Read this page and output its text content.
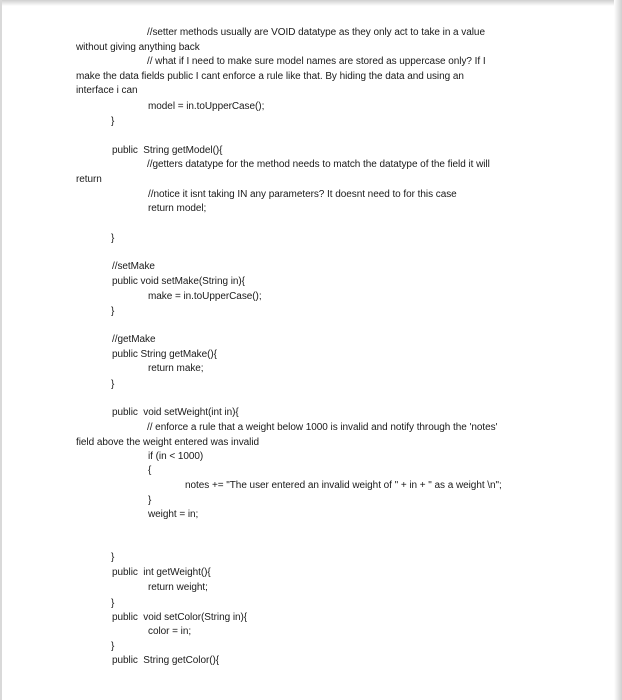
//setter methods usually are VOID datatype as they only act to take in a value
without giving anything back
// what if I need to make sure model names are stored as uppercase only? If I
make the data fields public I cant enforce a rule like that. By hiding the data and using an
interface i can
model = in.toUpperCase();
}
public  String getModel(){
//getters datatype for the method needs to match the datatype of the field it will
return
//notice it isnt taking IN any parameters? It doesnt need to for this case
return model;
}
//setMake
public void setMake(String in){
make = in.toUpperCase();
}
//getMake
public String getMake(){
return make;
}
public  void setWeight(int in){
// enforce a rule that a weight below 1000 is invalid and notify through the 'notes'
field above the weight entered was invalid
if (in < 1000)
{
notes += "The user entered an invalid weight of " + in + " as a weight \n";
}
weight = in;
}
public  int getWeight(){
return weight;
}
public  void setColor(String in){
color = in;
}
public  String getColor(){
